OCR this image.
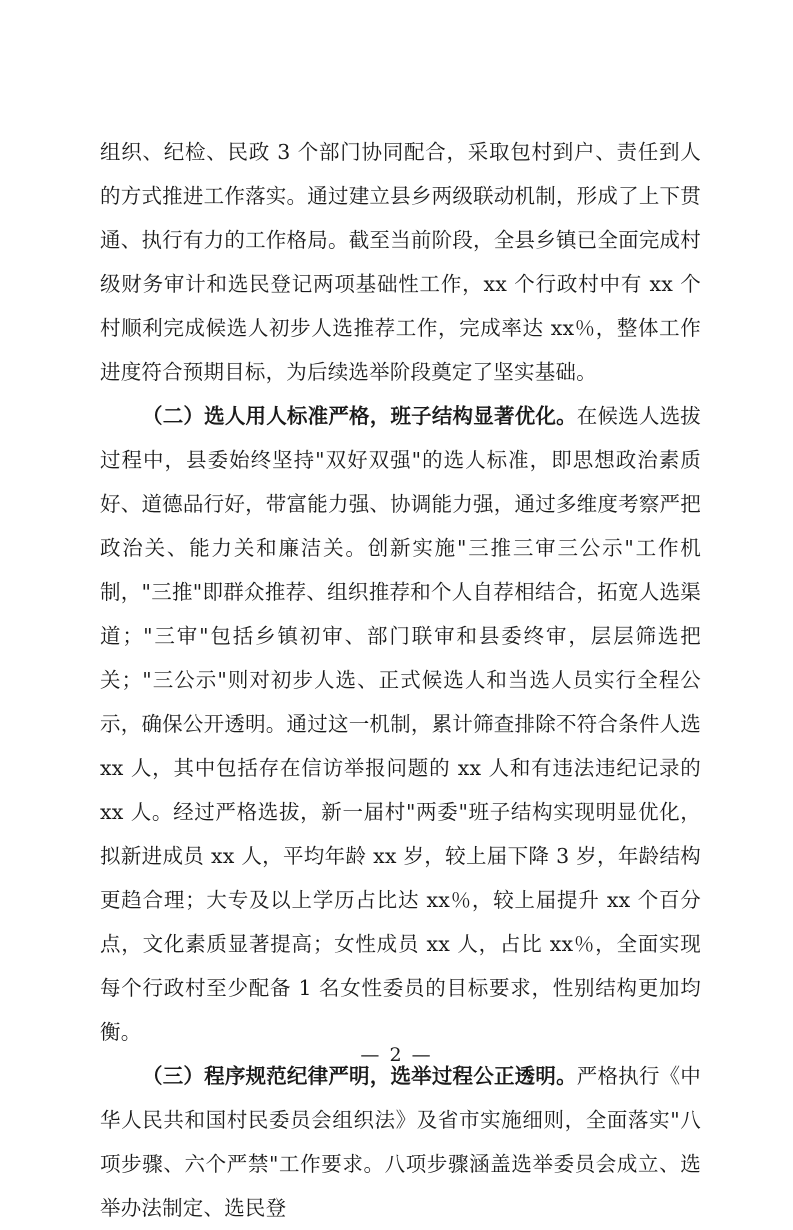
组织、纪检、民政 3 个部门协同配合，采取包村到户、责任到人的方式推进工作落实。通过建立县乡两级联动机制，形成了上下贯通、执行有力的工作格局。截至当前阶段，全县乡镇已全面完成村级财务审计和选民登记两项基础性工作，xx 个行政村中有 xx 个村顺利完成候选人初步人选推荐工作，完成率达 xx％，整体工作进度符合预期目标，为后续选举阶段奠定了坚实基础。

（二）选人用人标准严格，班子结构显著优化。在候选人选拔过程中，县委始终坚持"双好双强"的选人标准，即思想政治素质好、道德品行好，带富能力强、协调能力强，通过多维度考察严把政治关、能力关和廉洁关。创新实施"三推三审三公示"工作机制，"三推"即群众推荐、组织推荐和个人自荐相结合，拓宽人选渠道；"三审"包括乡镇初审、部门联审和县委终审，层层筛选把关；"三公示"则对初步人选、正式候选人和当选人员实行全程公示，确保公开透明。通过这一机制，累计筛查排除不符合条件人选 xx 人，其中包括存在信访举报问题的 xx 人和有违法违纪记录的 xx 人。经过严格选拔，新一届村"两委"班子结构实现明显优化，拟新进成员 xx 人，平均年龄 xx 岁，较上届下降 3 岁，年龄结构更趋合理；大专及以上学历占比达 xx％，较上届提升 xx 个百分点，文化素质显著提高；女性成员 xx 人，占比 xx％，全面实现每个行政村至少配备 1 名女性委员的目标要求，性别结构更加均衡。

（三）程序规范纪律严明，选举过程公正透明。严格执行《中华人民共和国村民委员会组织法》及省市实施细则，全面落实"八项步骤、六个严禁"工作要求。八项步骤涵盖选举委员会成立、选举办法制定、选民登

— 2 —
